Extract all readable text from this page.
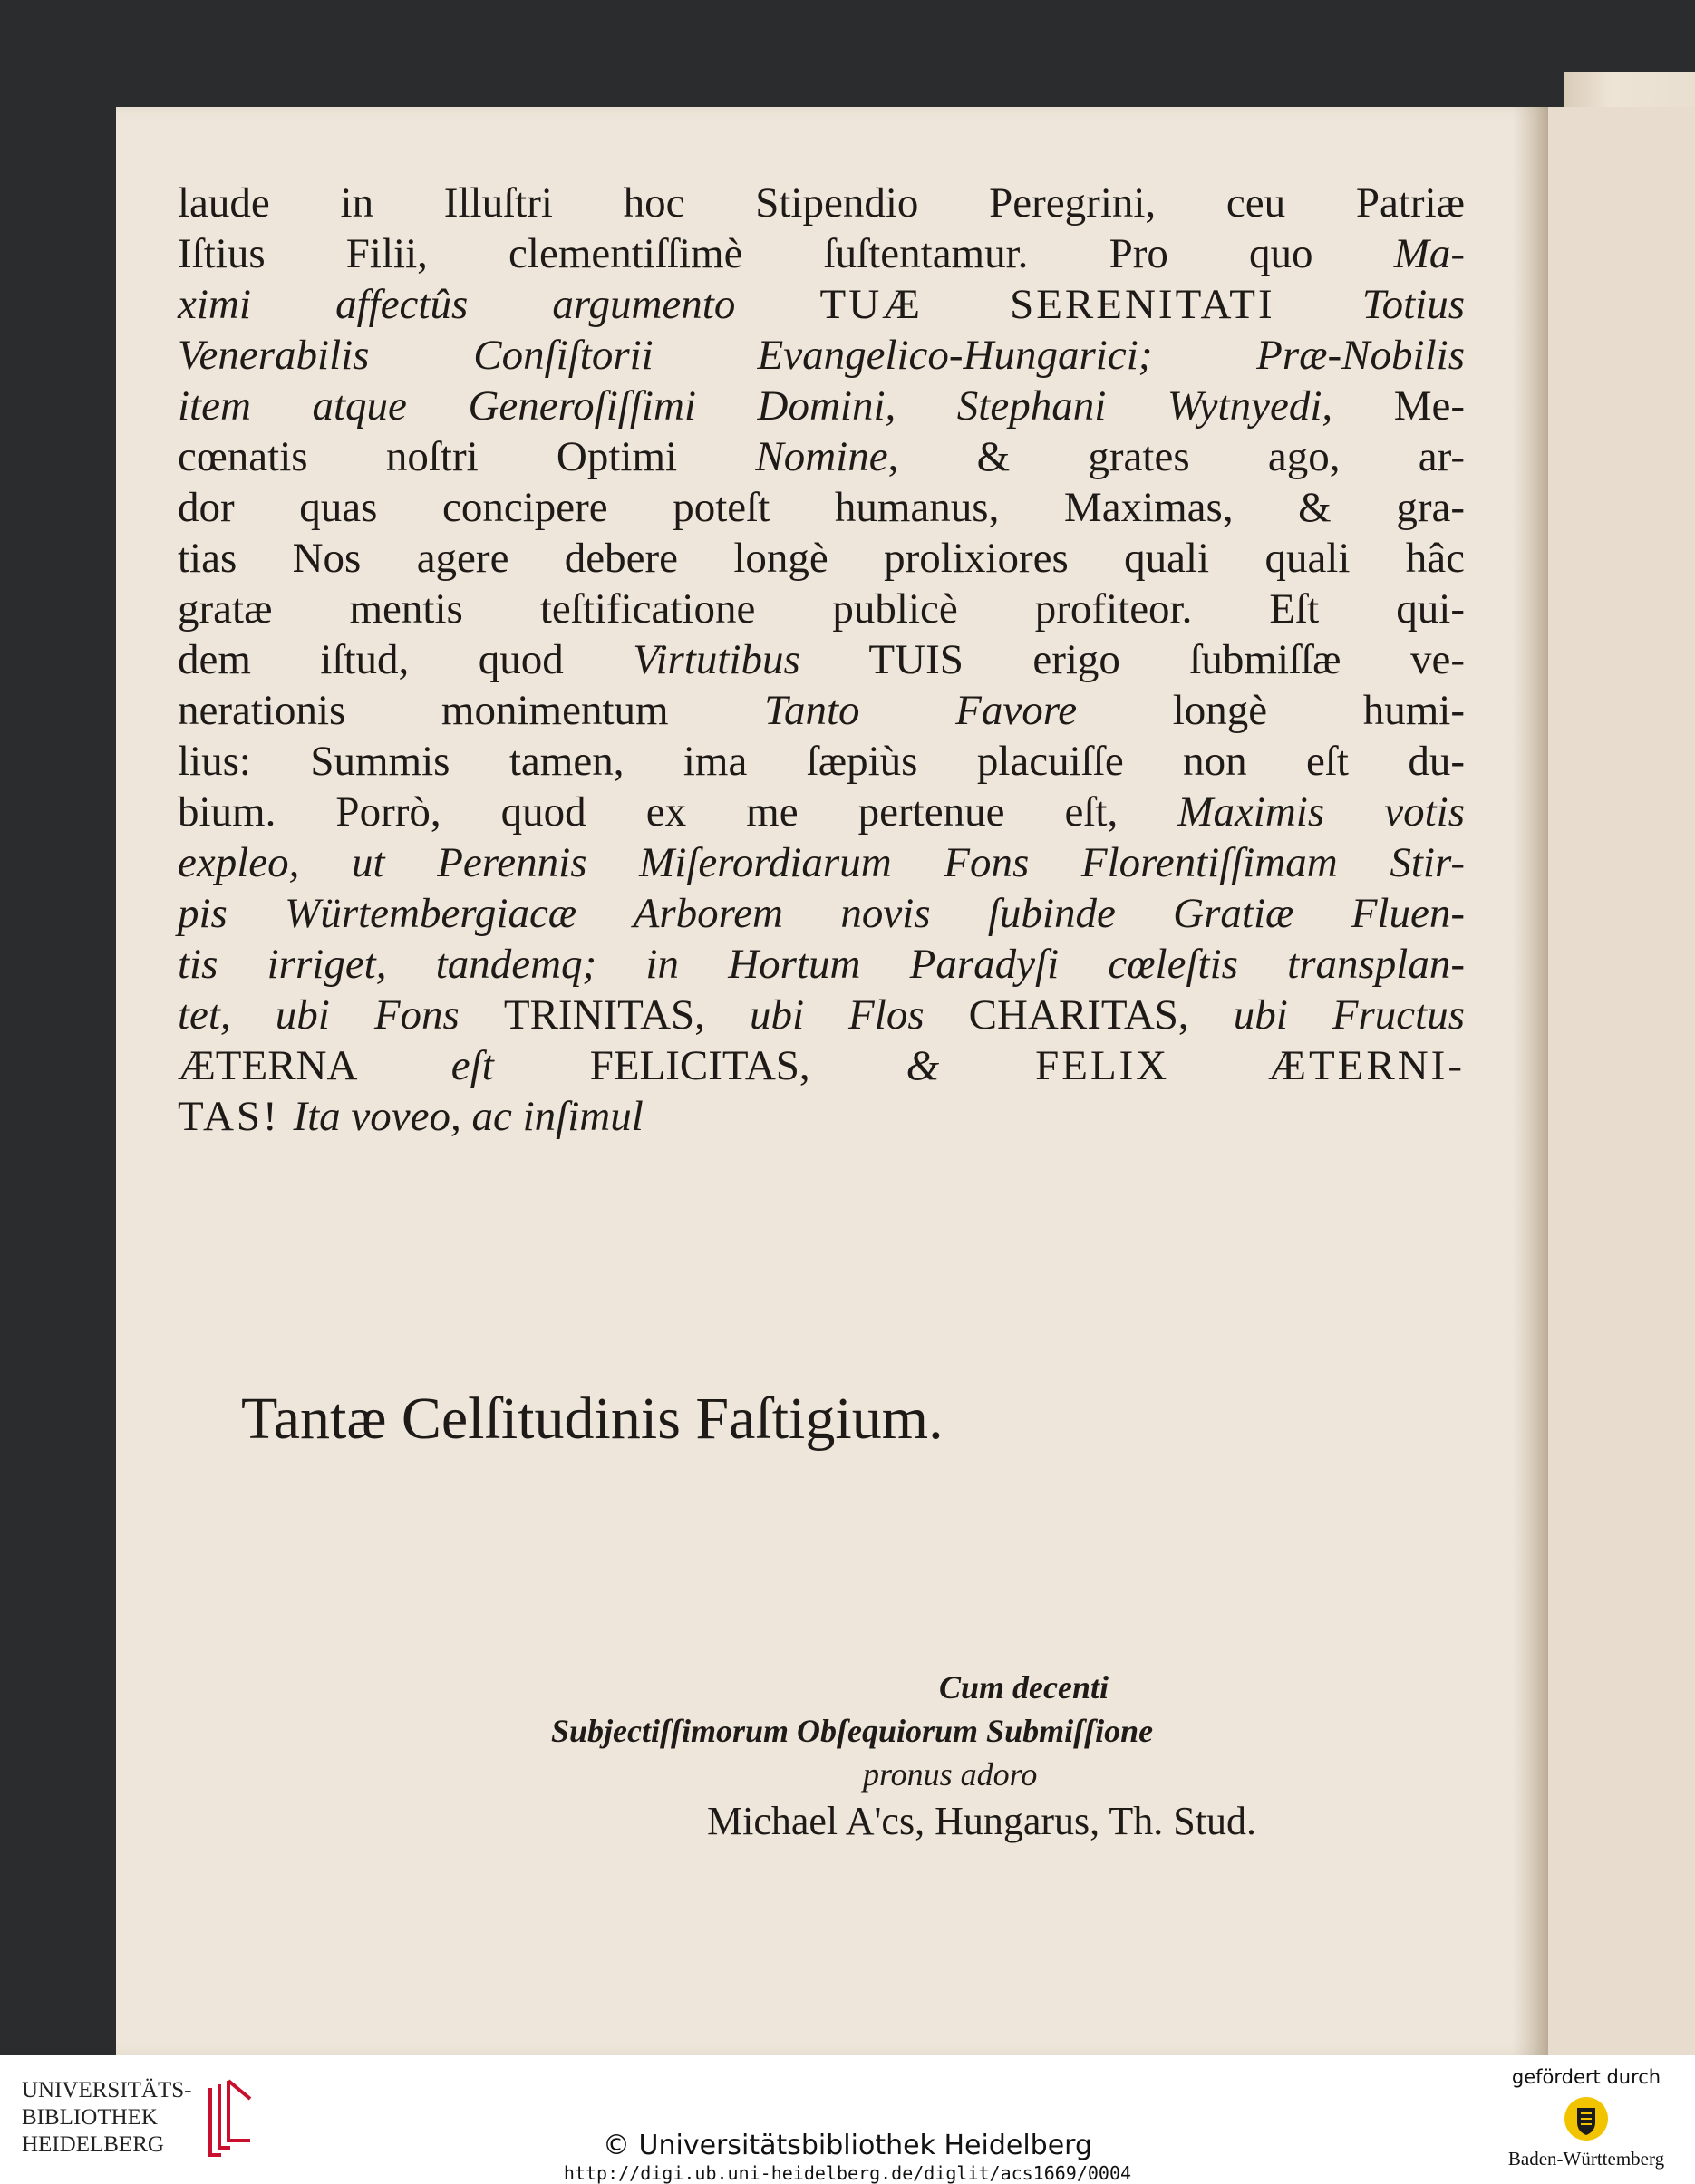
laude in Illuſtri hoc Stipendio Peregrini, ceu Patriæ
Iſtius Filii, clementiſſimè ſuſtentamur. Pro quo Ma-
ximi affectûs argumento TUÆ SERENITATI Totius
Venerabilis Conſiſtorii Evangelico-Hungarici; Præ-Nobilis
item atque Generoſiſſimi Domini, Stephani Wytnyedi, Me-
cœnatis noſtri Optimi Nomine, & grates ago, ar-
dor quas concipere poteſt humanus, Maximas, & gra-
tias Nos agere debere longè prolixiores quali quali hâc
gratæ mentis teſtificatione publicè profiteor. Eſt qui-
dem iſtud, quod Virtutibus TUIS erigo ſubmiſſæ ve-
nerationis monimentum Tanto Favore longè humi-
lius: Summis tamen, ima ſæpiùs placuiſſe non eſt du-
bium. Porrò, quod ex me pertenue eſt, Maximis votis
expleo, ut Perennis Miſerordiarum Fons Florentiſſimam Stir-
pis Würtembergiacæ Arborem novis ſubinde Gratiæ Fluen-
tis irriget, tandemq; in Hortum Paradyſi cœleſtis transplan-
tet, ubi Fons TRINITAS, ubi Flos CHARITAS, ubi Fructus
ÆTERNA eſt FELICITAS, & FELIX ÆTERNI-
TAS! Ita voveo, ac inſimul
Tantæ Celſitudinis Faſtigium.
Cum decenti
Subjectiſſimorum Obſequiorum Submiſſione
pronus adoro
Michael A'cs, Hungarus, Th. Stud.
UNIVERSITÄTS-
BIBLIOTHEK
HEIDELBERG	© Universitätsbibliothek Heidelberg
http://digi.ub.uni-heidelberg.de/diglit/acs1669/0004
gefördert durch
Baden-Württemberg
